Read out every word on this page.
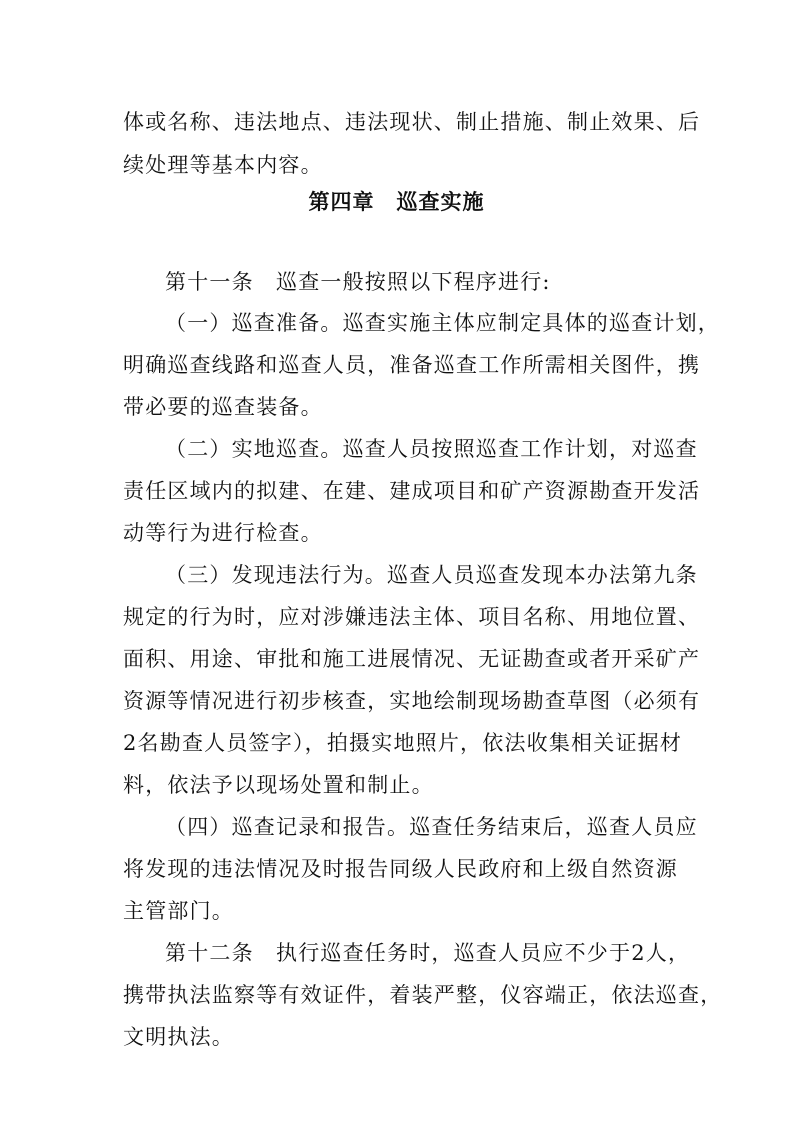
体或名称、违法地点、违法现状、制止措施、制止效果、后
续处理等基本内容。
第四章　巡查实施
第十一条　巡查一般按照以下程序进行:
（一）巡查准备。巡查实施主体应制定具体的巡查计划，
明确巡查线路和巡查人员，准备巡查工作所需相关图件，携
带必要的巡查装备。
（二）实地巡查。巡查人员按照巡查工作计划，对巡查
责任区域内的拟建、在建、建成项目和矿产资源勘查开发活
动等行为进行检查。
（三）发现违法行为。巡查人员巡查发现本办法第九条
规定的行为时，应对涉嫌违法主体、项目名称、用地位置、
面积、用途、审批和施工进展情况、无证勘查或者开采矿产
资源等情况进行初步核查，实地绘制现场勘查草图（必须有
2名勘查人员签字），拍摄实地照片，依法收集相关证据材
料，依法予以现场处置和制止。
（四）巡查记录和报告。巡查任务结束后，巡查人员应
将发现的违法情况及时报告同级人民政府和上级自然资源
主管部门。
第十二条　执行巡查任务时，巡查人员应不少于2人，
携带执法监察等有效证件，着装严整，仪容端正，依法巡查，
文明执法。
